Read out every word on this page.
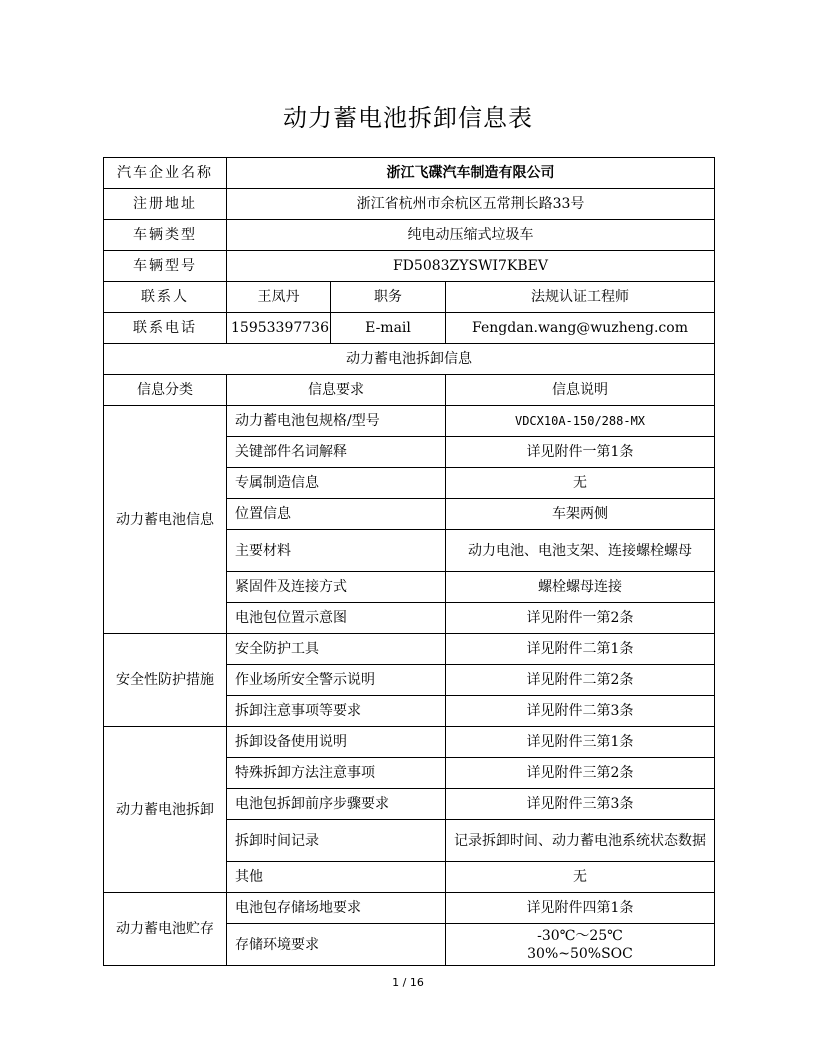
动力蓄电池拆卸信息表
汽车企业名称	浙江飞碟汽车制造有限公司		
注册地址	浙江省杭州市余杭区五常荆长路33号		
车辆类型	纯电动压缩式垃圾车		
车辆型号	FD5083ZYSWI7KBEV		
联系人	王凤丹	职务	法规认证工程师
联系电话	15953397736	E-mail	Fengdan.wang@wuzheng.com
动力蓄电池拆卸信息			
信息分类	信息要求		信息说明
动力蓄电池信息	动力蓄电池包规格/型号		VDCX10A-150/288-MX
	关键部件名词解释		详见附件一第1条
	专属制造信息		无
	位置信息		车架两侧
	主要材料		动力电池、电池支架、连接螺栓螺母
	紧固件及连接方式		螺栓螺母连接
	电池包位置示意图		详见附件一第2条
安全性防护措施	安全防护工具		详见附件二第1条
	作业场所安全警示说明		详见附件二第2条
	拆卸注意事项等要求		详见附件二第3条
动力蓄电池拆卸	拆卸设备使用说明		详见附件三第1条
	特殊拆卸方法注意事项		详见附件三第2条
	电池包拆卸前序步骤要求		详见附件三第3条
	拆卸时间记录		记录拆卸时间、动力蓄电池系统状态数据
	其他		无
动力蓄电池贮存	电池包存储场地要求		详见附件四第1条
	存储环境要求		-30℃～25℃
30%~50%SOC
1 / 16
